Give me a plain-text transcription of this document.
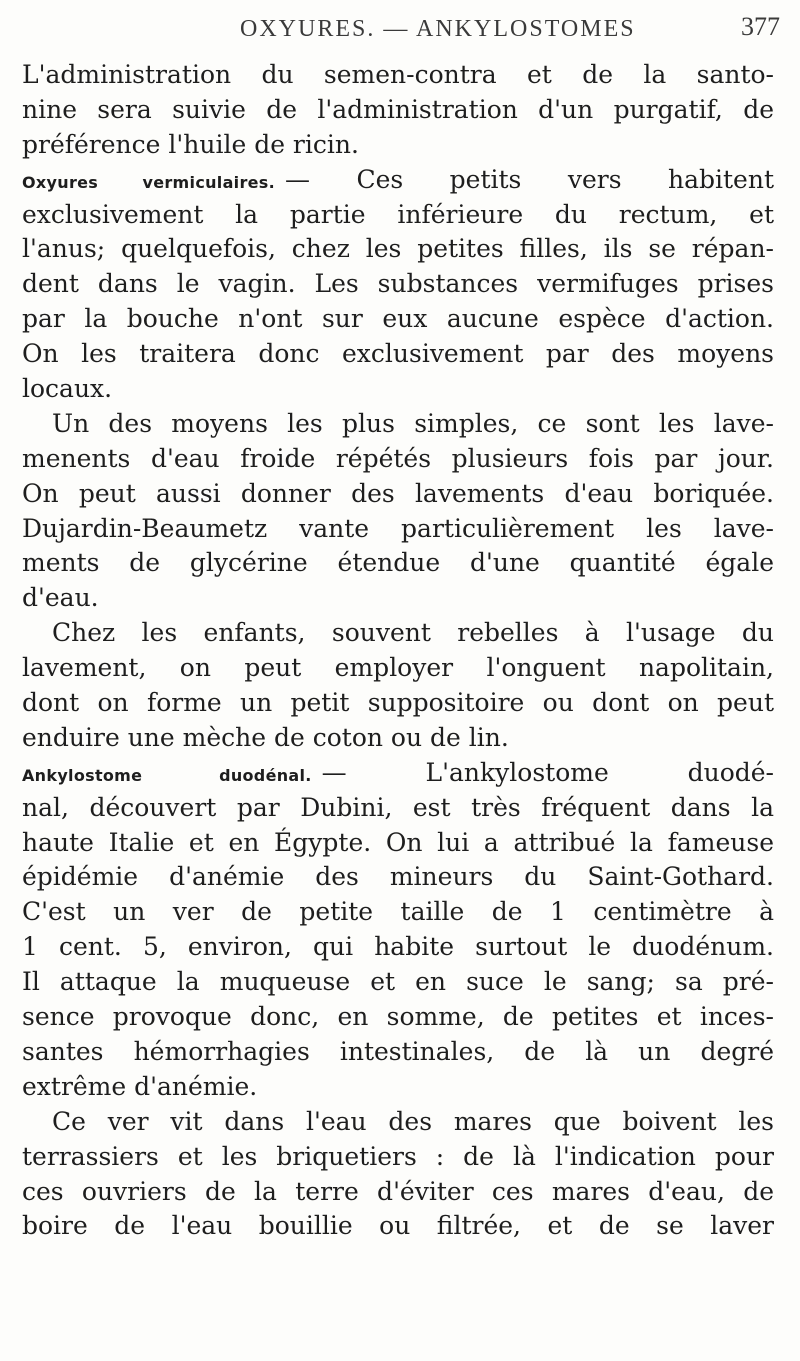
OXYURES. — ANKYLOSTOMES	377
L'administration du semen-contra et de la santo-
nine sera suivie de l'administration d'un purgatif, de
préférence l'huile de ricin.
Oxyures vermiculaires. — Ces petits vers habitent
exclusivement la partie inférieure du rectum, et
l'anus; quelquefois, chez les petites filles, ils se répan-
dent dans le vagin. Les substances vermifuges prises
par la bouche n'ont sur eux aucune espèce d'action.
On les traitera donc exclusivement par des moyens
locaux.
Un des moyens les plus simples, ce sont les lave-
menents d'eau froide répétés plusieurs fois par jour.
On peut aussi donner des lavements d'eau boriquée.
Dujardin-Beaumetz vante particulièrement les lave-
ments de glycérine étendue d'une quantité égale
d'eau.
Chez les enfants, souvent rebelles à l'usage du
lavement, on peut employer l'onguent napolitain,
dont on forme un petit suppositoire ou dont on peut
enduire une mèche de coton ou de lin.
Ankylostome duodénal. — L'ankylostome duodé-
nal, découvert par Dubini, est très fréquent dans la
haute Italie et en Égypte. On lui a attribué la fameuse
épidémie d'anémie des mineurs du Saint-Gothard.
C'est un ver de petite taille de 1 centimètre à
1 cent. 5, environ, qui habite surtout le duodénum.
Il attaque la muqueuse et en suce le sang; sa pré-
sence provoque donc, en somme, de petites et inces-
santes hémorrhagies intestinales, de là un degré
extrême d'anémie.
Ce ver vit dans l'eau des mares que boivent les
terrassiers et les briquetiers : de là l'indication pour
ces ouvriers de la terre d'éviter ces mares d'eau, de
boire de l'eau bouillie ou filtrée, et de se laver
